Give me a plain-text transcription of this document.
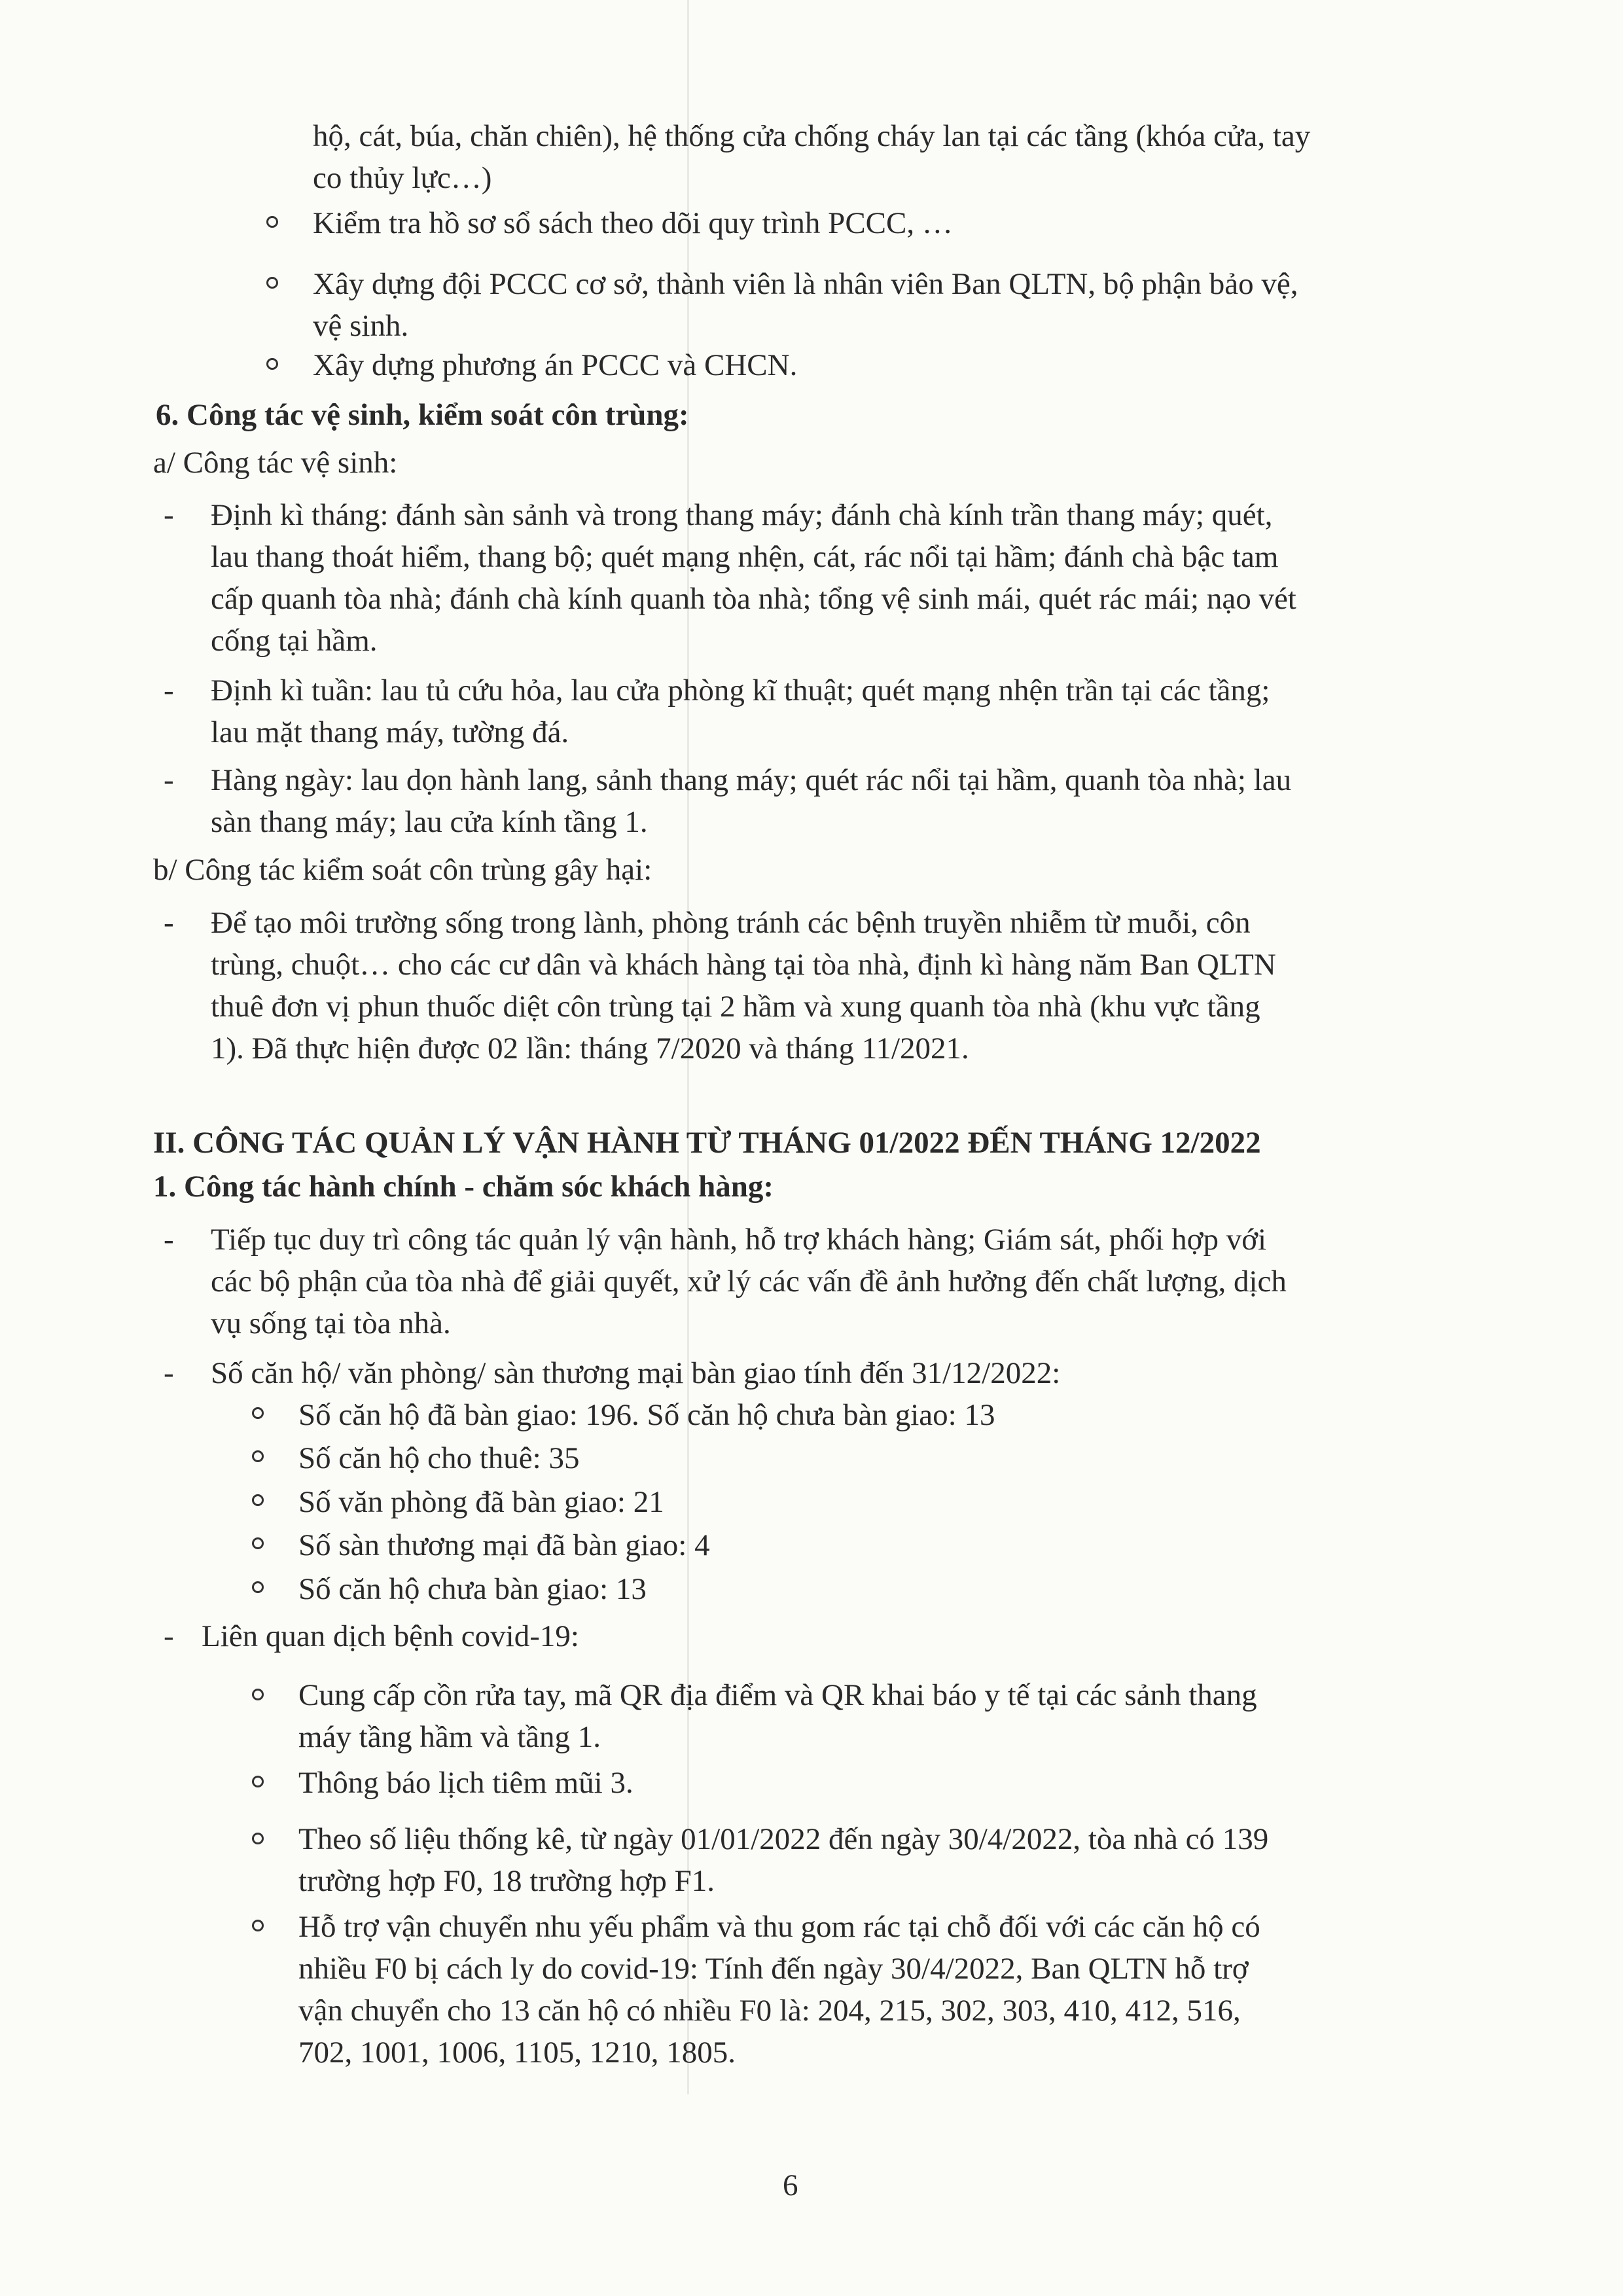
hộ, cát, búa, chăn chiên), hệ thống cửa chống cháy lan tại các tầng (khóa cửa, tay
co thủy lực…)
Kiểm tra hồ sơ sổ sách theo dõi quy trình PCCC, …
Xây dựng đội PCCC cơ sở, thành viên là nhân viên Ban QLTN, bộ phận bảo vệ,
vệ sinh.
Xây dựng phương án PCCC và CHCN.
6. Công tác vệ sinh, kiểm soát côn trùng:
a/ Công tác vệ sinh:
- Định kì tháng: đánh sàn sảnh và trong thang máy; đánh chà kính trần thang máy; quét,
lau thang thoát hiểm, thang bộ; quét mạng nhện, cát, rác nổi tại hầm; đánh chà bậc tam
cấp quanh tòa nhà; đánh chà kính quanh tòa nhà; tổng vệ sinh mái, quét rác mái; nạo vét
cống tại hầm.
- Định kì tuần: lau tủ cứu hỏa, lau cửa phòng kĩ thuật; quét mạng nhện trần tại các tầng;
lau mặt thang máy, tường đá.
- Hàng ngày: lau dọn hành lang, sảnh thang máy; quét rác nổi tại hầm, quanh tòa nhà; lau
sàn thang máy; lau cửa kính tầng 1.
b/ Công tác kiểm soát côn trùng gây hại:
- Để tạo môi trường sống trong lành, phòng tránh các bệnh truyền nhiễm từ muỗi, côn
trùng, chuột… cho các cư dân và khách hàng tại tòa nhà, định kì hàng năm Ban QLTN
thuê đơn vị phun thuốc diệt côn trùng tại 2 hầm và xung quanh tòa nhà (khu vực tầng
1). Đã thực hiện được 02 lần: tháng 7/2020 và tháng 11/2021.
II. CÔNG TÁC QUẢN LÝ VẬN HÀNH TỪ THÁNG 01/2022 ĐẾN THÁNG 12/2022
1. Công tác hành chính - chăm sóc khách hàng:
- Tiếp tục duy trì công tác quản lý vận hành, hỗ trợ khách hàng; Giám sát, phối hợp với
các bộ phận của tòa nhà để giải quyết, xử lý các vấn đề ảnh hưởng đến chất lượng, dịch
vụ sống tại tòa nhà.
- Số căn hộ/ văn phòng/ sàn thương mại bàn giao tính đến 31/12/2022:
Số căn hộ đã bàn giao: 196. Số căn hộ chưa bàn giao: 13
Số căn hộ cho thuê: 35
Số văn phòng đã bàn giao: 21
Số sàn thương mại đã bàn giao: 4
Số căn hộ chưa bàn giao: 13
- Liên quan dịch bệnh covid-19:
Cung cấp cồn rửa tay, mã QR địa điểm và QR khai báo y tế tại các sảnh thang
máy tầng hầm và tầng 1.
Thông báo lịch tiêm mũi 3.
Theo số liệu thống kê, từ ngày 01/01/2022 đến ngày 30/4/2022, tòa nhà có 139
trường hợp F0, 18 trường hợp F1.
Hỗ trợ vận chuyển nhu yếu phẩm và thu gom rác tại chỗ đối với các căn hộ có
nhiều F0 bị cách ly do covid-19: Tính đến ngày 30/4/2022, Ban QLTN hỗ trợ
vận chuyển cho 13 căn hộ có nhiều F0 là: 204, 215, 302, 303, 410, 412, 516,
702, 1001, 1006, 1105, 1210, 1805.
6
